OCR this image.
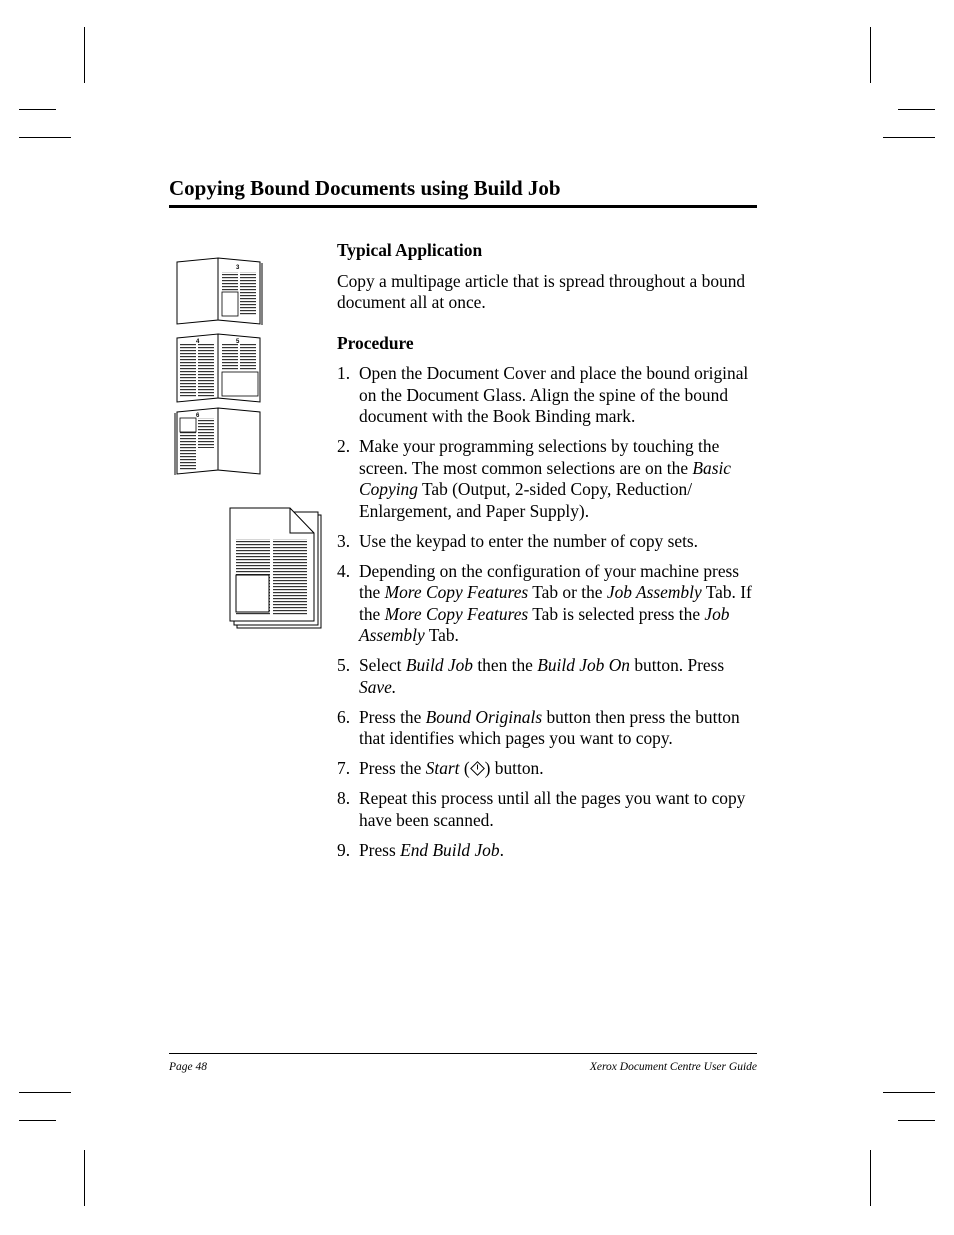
Copying Bound Documents using Build Job
3
4	5
6
Typical Application
Copy a multipage article that is spread throughout a bound document all at once.
Procedure
1. Open the Document Cover and place the bound original on the Document Glass. Align the spine of the bound document with the Book Binding mark.
2. Make your programming selections by touching the screen. The most common selections are on the Basic Copying Tab (Output, 2-sided Copy, Reduction/ Enlargement, and Paper Supply).
3. Use the keypad to enter the number of copy sets.
4. Depending on the configuration of your machine press the More Copy Features Tab or the Job Assembly Tab. If the More Copy Features Tab is selected press the Job Assembly Tab.
5. Select Build Job then the Build Job On button. Press Save.
6. Press the Bound Originals button then press the button that identifies which pages you want to copy.
7. Press the Start ( ) button.
8. Repeat this process until all the pages you want to copy have been scanned.
9. Press End Build Job.
Page 48	Xerox Document Centre User Guide
